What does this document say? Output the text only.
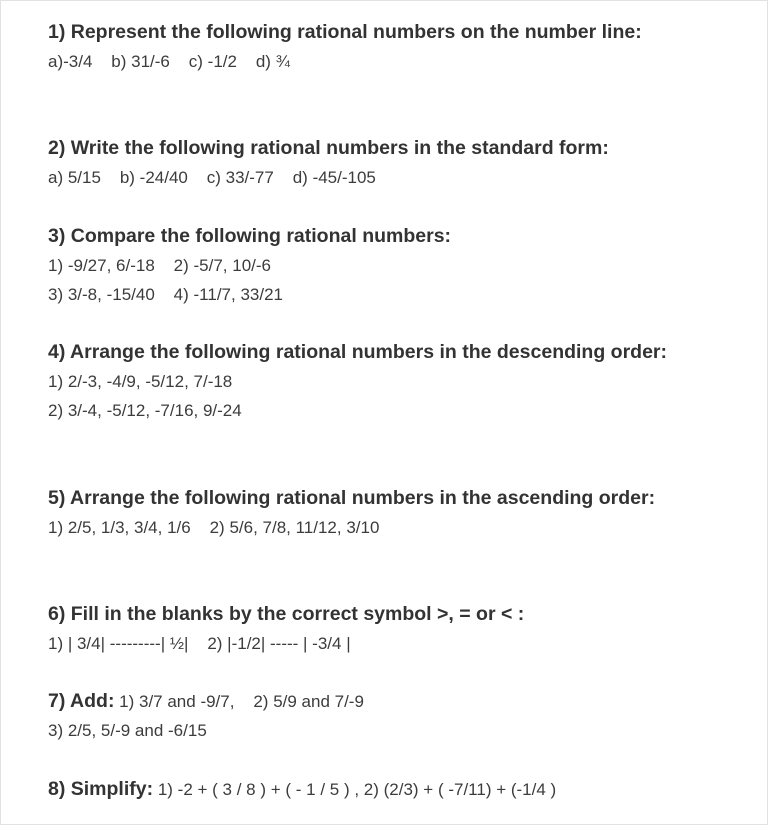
1) Represent the following rational numbers on the number line:

a)-3/4    b) 31/-6    c) -1/2    d) ¾

2) Write the following rational numbers in the standard form:

a) 5/15    b) -24/40    c) 33/-77    d) -45/-105

3) Compare the following rational numbers:

1) -9/27, 6/-18    2) -5/7, 10/-6

3) 3/-8, -15/40    4) -11/7, 33/21

4) Arrange the following rational numbers in the descending order:

1) 2/-3, -4/9, -5/12, 7/-18

2) 3/-4, -5/12, -7/16, 9/-24

5) Arrange the following rational numbers in the ascending order:

1) 2/5, 1/3, 3/4, 1/6    2) 5/6, 7/8, 11/12, 3/10

6) Fill in the blanks by the correct symbol >, = or < :

1) | 3/4| ---------| ½|    2) |-1/2| ----- | -3/4 |

7) Add: 1) 3/7 and -9/7,    2) 5/9 and 7/-9

3) 2/5, 5/-9 and -6/15

8) Simplify: 1) -2 + ( 3 / 8 ) + ( - 1 / 5 ) , 2) (2/3) + ( -7/11) + (-1/4 )
